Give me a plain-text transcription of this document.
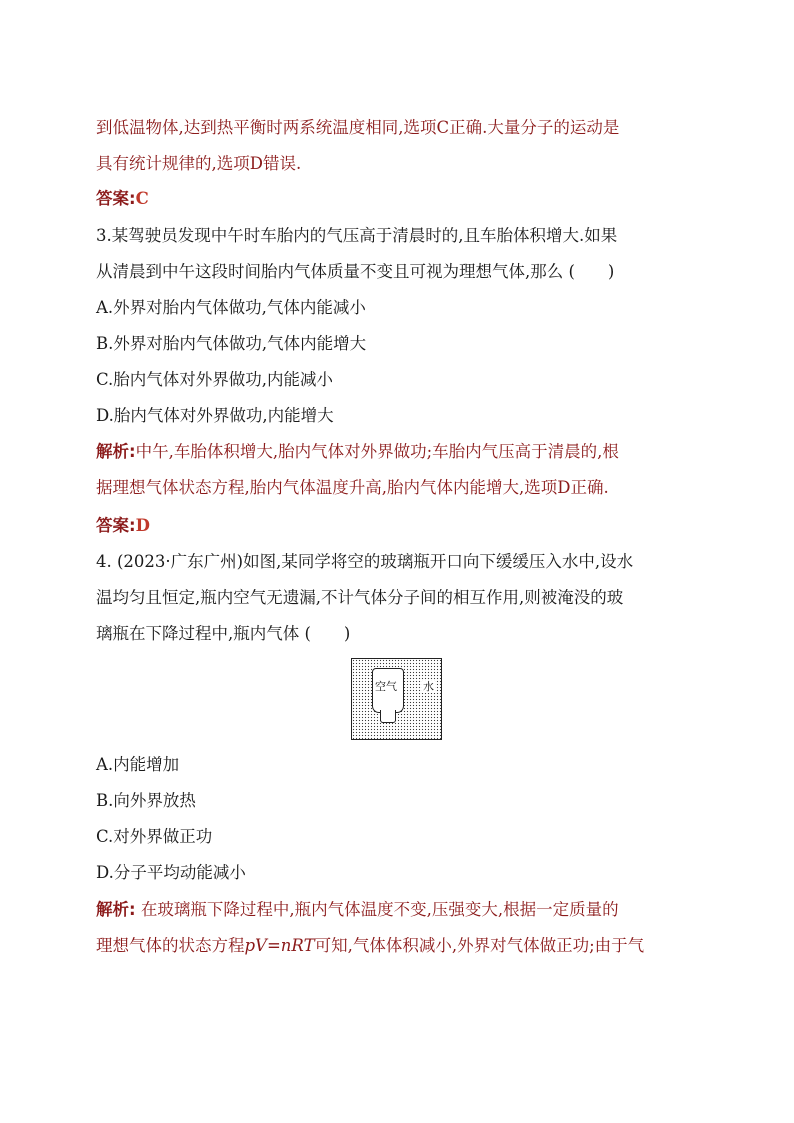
到低温物体,达到热平衡时两系统温度相同,选项C正确.大量分子的运动是
具有统计规律的,选项D错误.
答案:C
3.某驾驶员发现中午时车胎内的气压高于清晨时的,且车胎体积增大.如果
从清晨到中午这段时间胎内气体质量不变且可视为理想气体,那么 (　　)
A.外界对胎内气体做功,气体内能减小
B.外界对胎内气体做功,气体内能增大
C.胎内气体对外界做功,内能减小
D.胎内气体对外界做功,内能增大
解析:中午,车胎体积增大,胎内气体对外界做功;车胎内气压高于清晨的,根
据理想气体状态方程,胎内气体温度升高,胎内气体内能增大,选项D正确.
答案:D
4. (2023·广东广州)如图,某同学将空的玻璃瓶开口向下缓缓压入水中,设水
温均匀且恒定,瓶内空气无遗漏,不计气体分子间的相互作用,则被淹没的玻
璃瓶在下降过程中,瓶内气体 (　　)
空气 水
A.内能增加
B.向外界放热
C.对外界做正功
D.分子平均动能减小
解析: 在玻璃瓶下降过程中,瓶内气体温度不变,压强变大,根据一定质量的
理想气体的状态方程pV=nRT可知,气体体积减小,外界对气体做正功;由于气
